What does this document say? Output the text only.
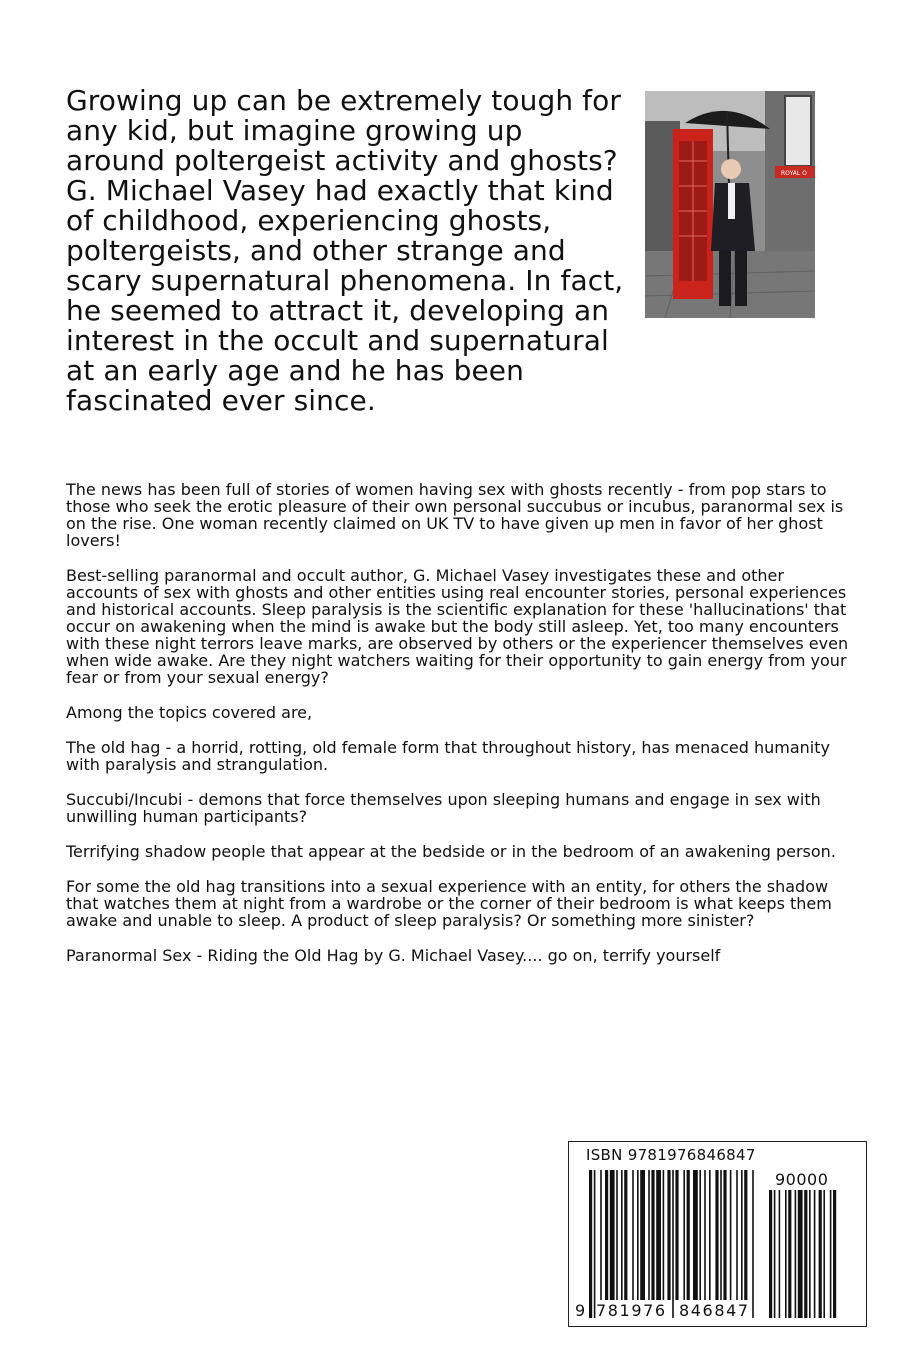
Growing up can be extremely tough for any kid, but imagine growing up around poltergeist activity and ghosts? G. Michael Vasey had exactly that kind of childhood, experiencing ghosts, poltergeists, and other strange and scary supernatural phenomena. In fact, he seemed to attract it, developing an interest in the occult and supernatural at an early age and he has been fascinated ever since.

ROYAL O

The news has been full of stories of women having sex with ghosts recently - from pop stars to those who seek the erotic pleasure of their own personal succubus or incubus, paranormal sex is on the rise. One woman recently claimed on UK TV to have given up men in favor of her ghost lovers!

Best-selling paranormal and occult author, G. Michael Vasey investigates these and other accounts of sex with ghosts and other entities using real encounter stories, personal experiences and historical accounts. Sleep paralysis is the scientific explanation for these 'hallucinations' that occur on awakening when the mind is awake but the body still asleep. Yet, too many encounters with these night terrors leave marks, are observed by others or the experiencer themselves even when wide awake. Are they night watchers waiting for their opportunity to gain energy from your fear or from your sexual energy?

Among the topics covered are,

The old hag - a horrid, rotting, old female form that throughout history, has menaced humanity with paralysis and strangulation.

Succubi/Incubi - demons that force themselves upon sleeping humans and engage in sex with unwilling human participants?

Terrifying shadow people that appear at the bedside or in the bedroom of an awakening person.

For some the old hag transitions into a sexual experience with an entity, for others the shadow that watches them at night from a wardrobe or the corner of their bedroom is what keeps them awake and unable to sleep. A product of sleep paralysis? Or something more sinister?

Paranormal Sex - Riding the Old Hag by G. Michael Vasey.... go on, terrify yourself

ISBN 9781976846847
90000
9 781976 846847
